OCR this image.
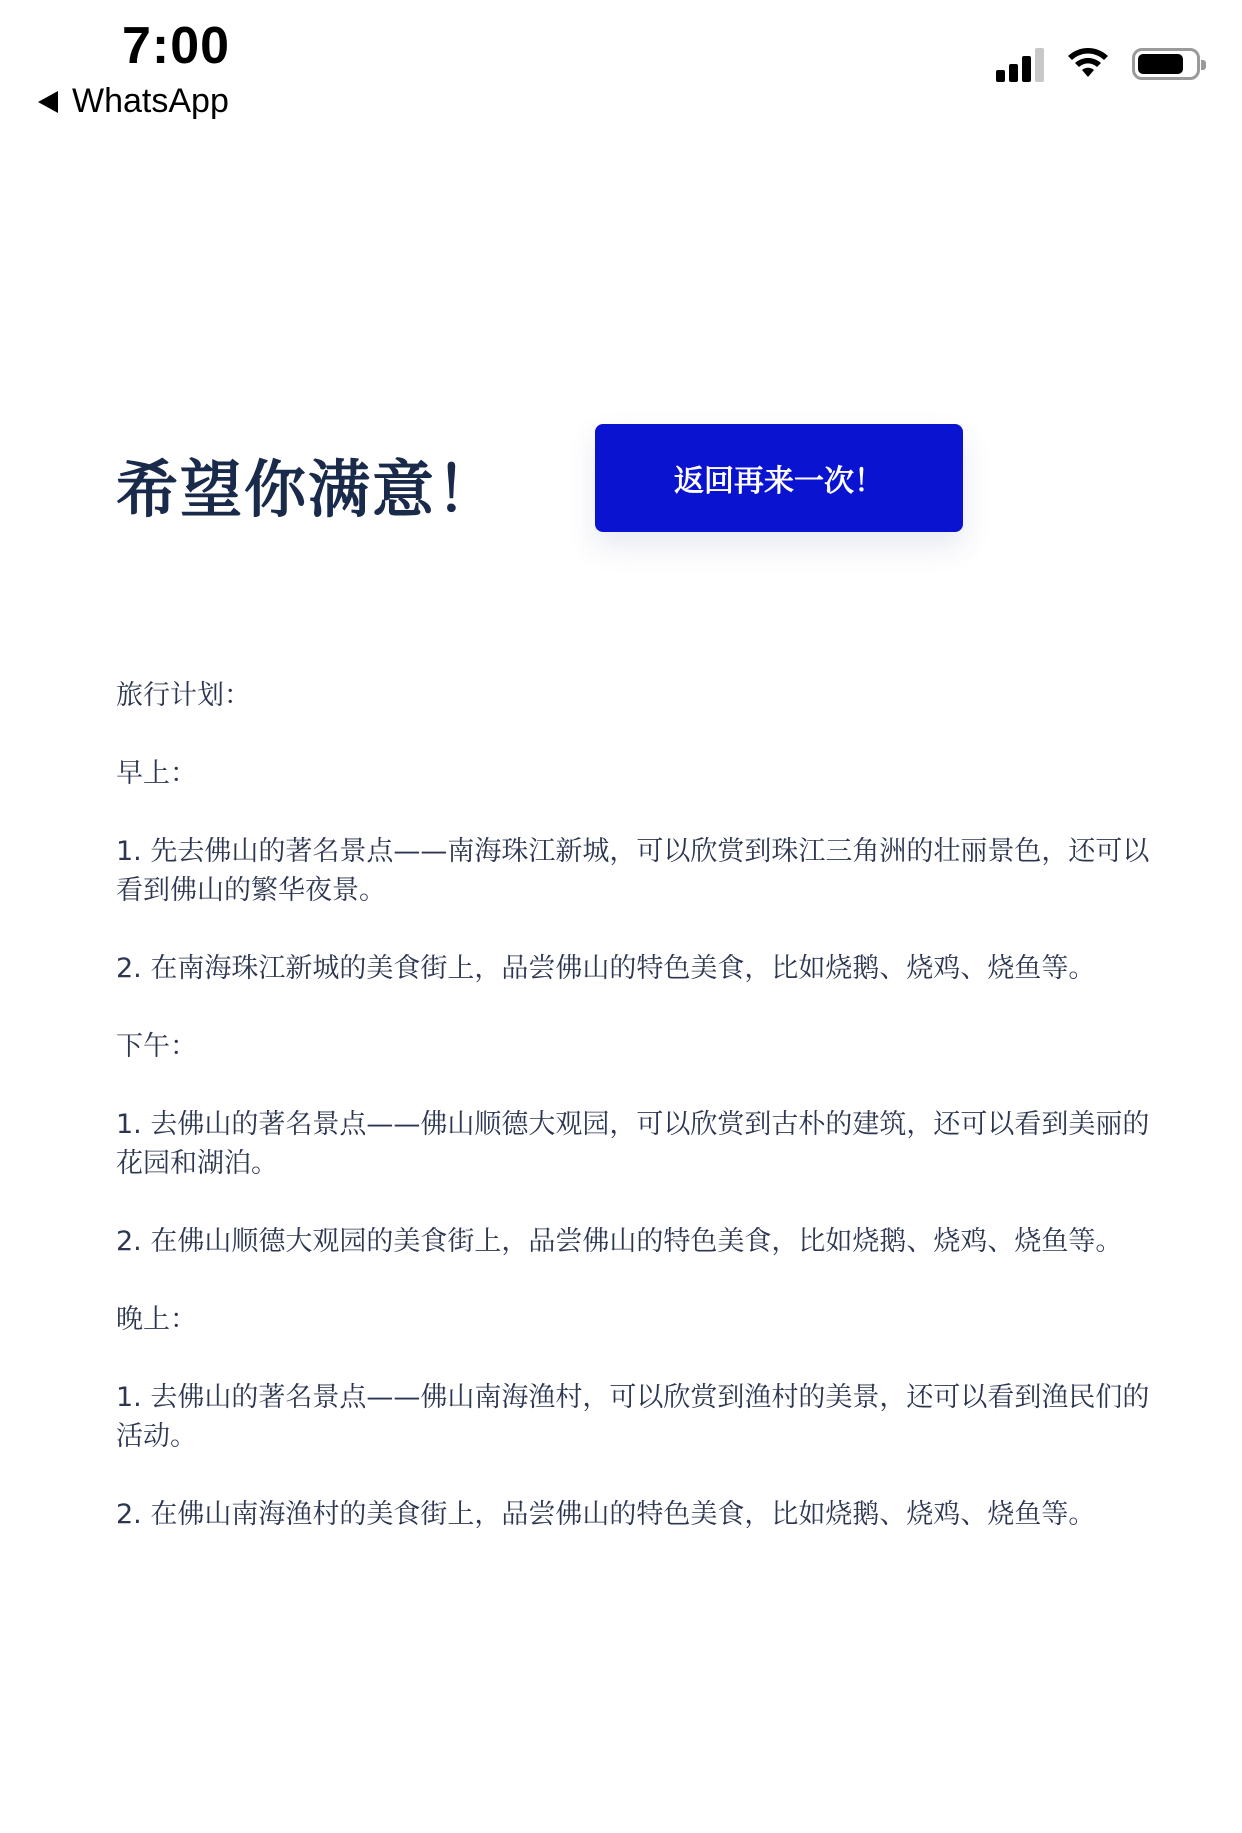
7:00
WhatsApp
希望你满意！	返回再来一次！

旅行计划：

早上：

1. 先去佛山的著名景点——南海珠江新城，可以欣赏到珠江三角洲的壮丽景色，还可以看到佛山的繁华夜景。

2. 在南海珠江新城的美食街上，品尝佛山的特色美食，比如烧鹅、烧鸡、烧鱼等。

下午：

1. 去佛山的著名景点——佛山顺德大观园，可以欣赏到古朴的建筑，还可以看到美丽的花园和湖泊。

2. 在佛山顺德大观园的美食街上，品尝佛山的特色美食，比如烧鹅、烧鸡、烧鱼等。

晚上：

1. 去佛山的著名景点——佛山南海渔村，可以欣赏到渔村的美景，还可以看到渔民们的活动。

2. 在佛山南海渔村的美食街上，品尝佛山的特色美食，比如烧鹅、烧鸡、烧鱼等。
